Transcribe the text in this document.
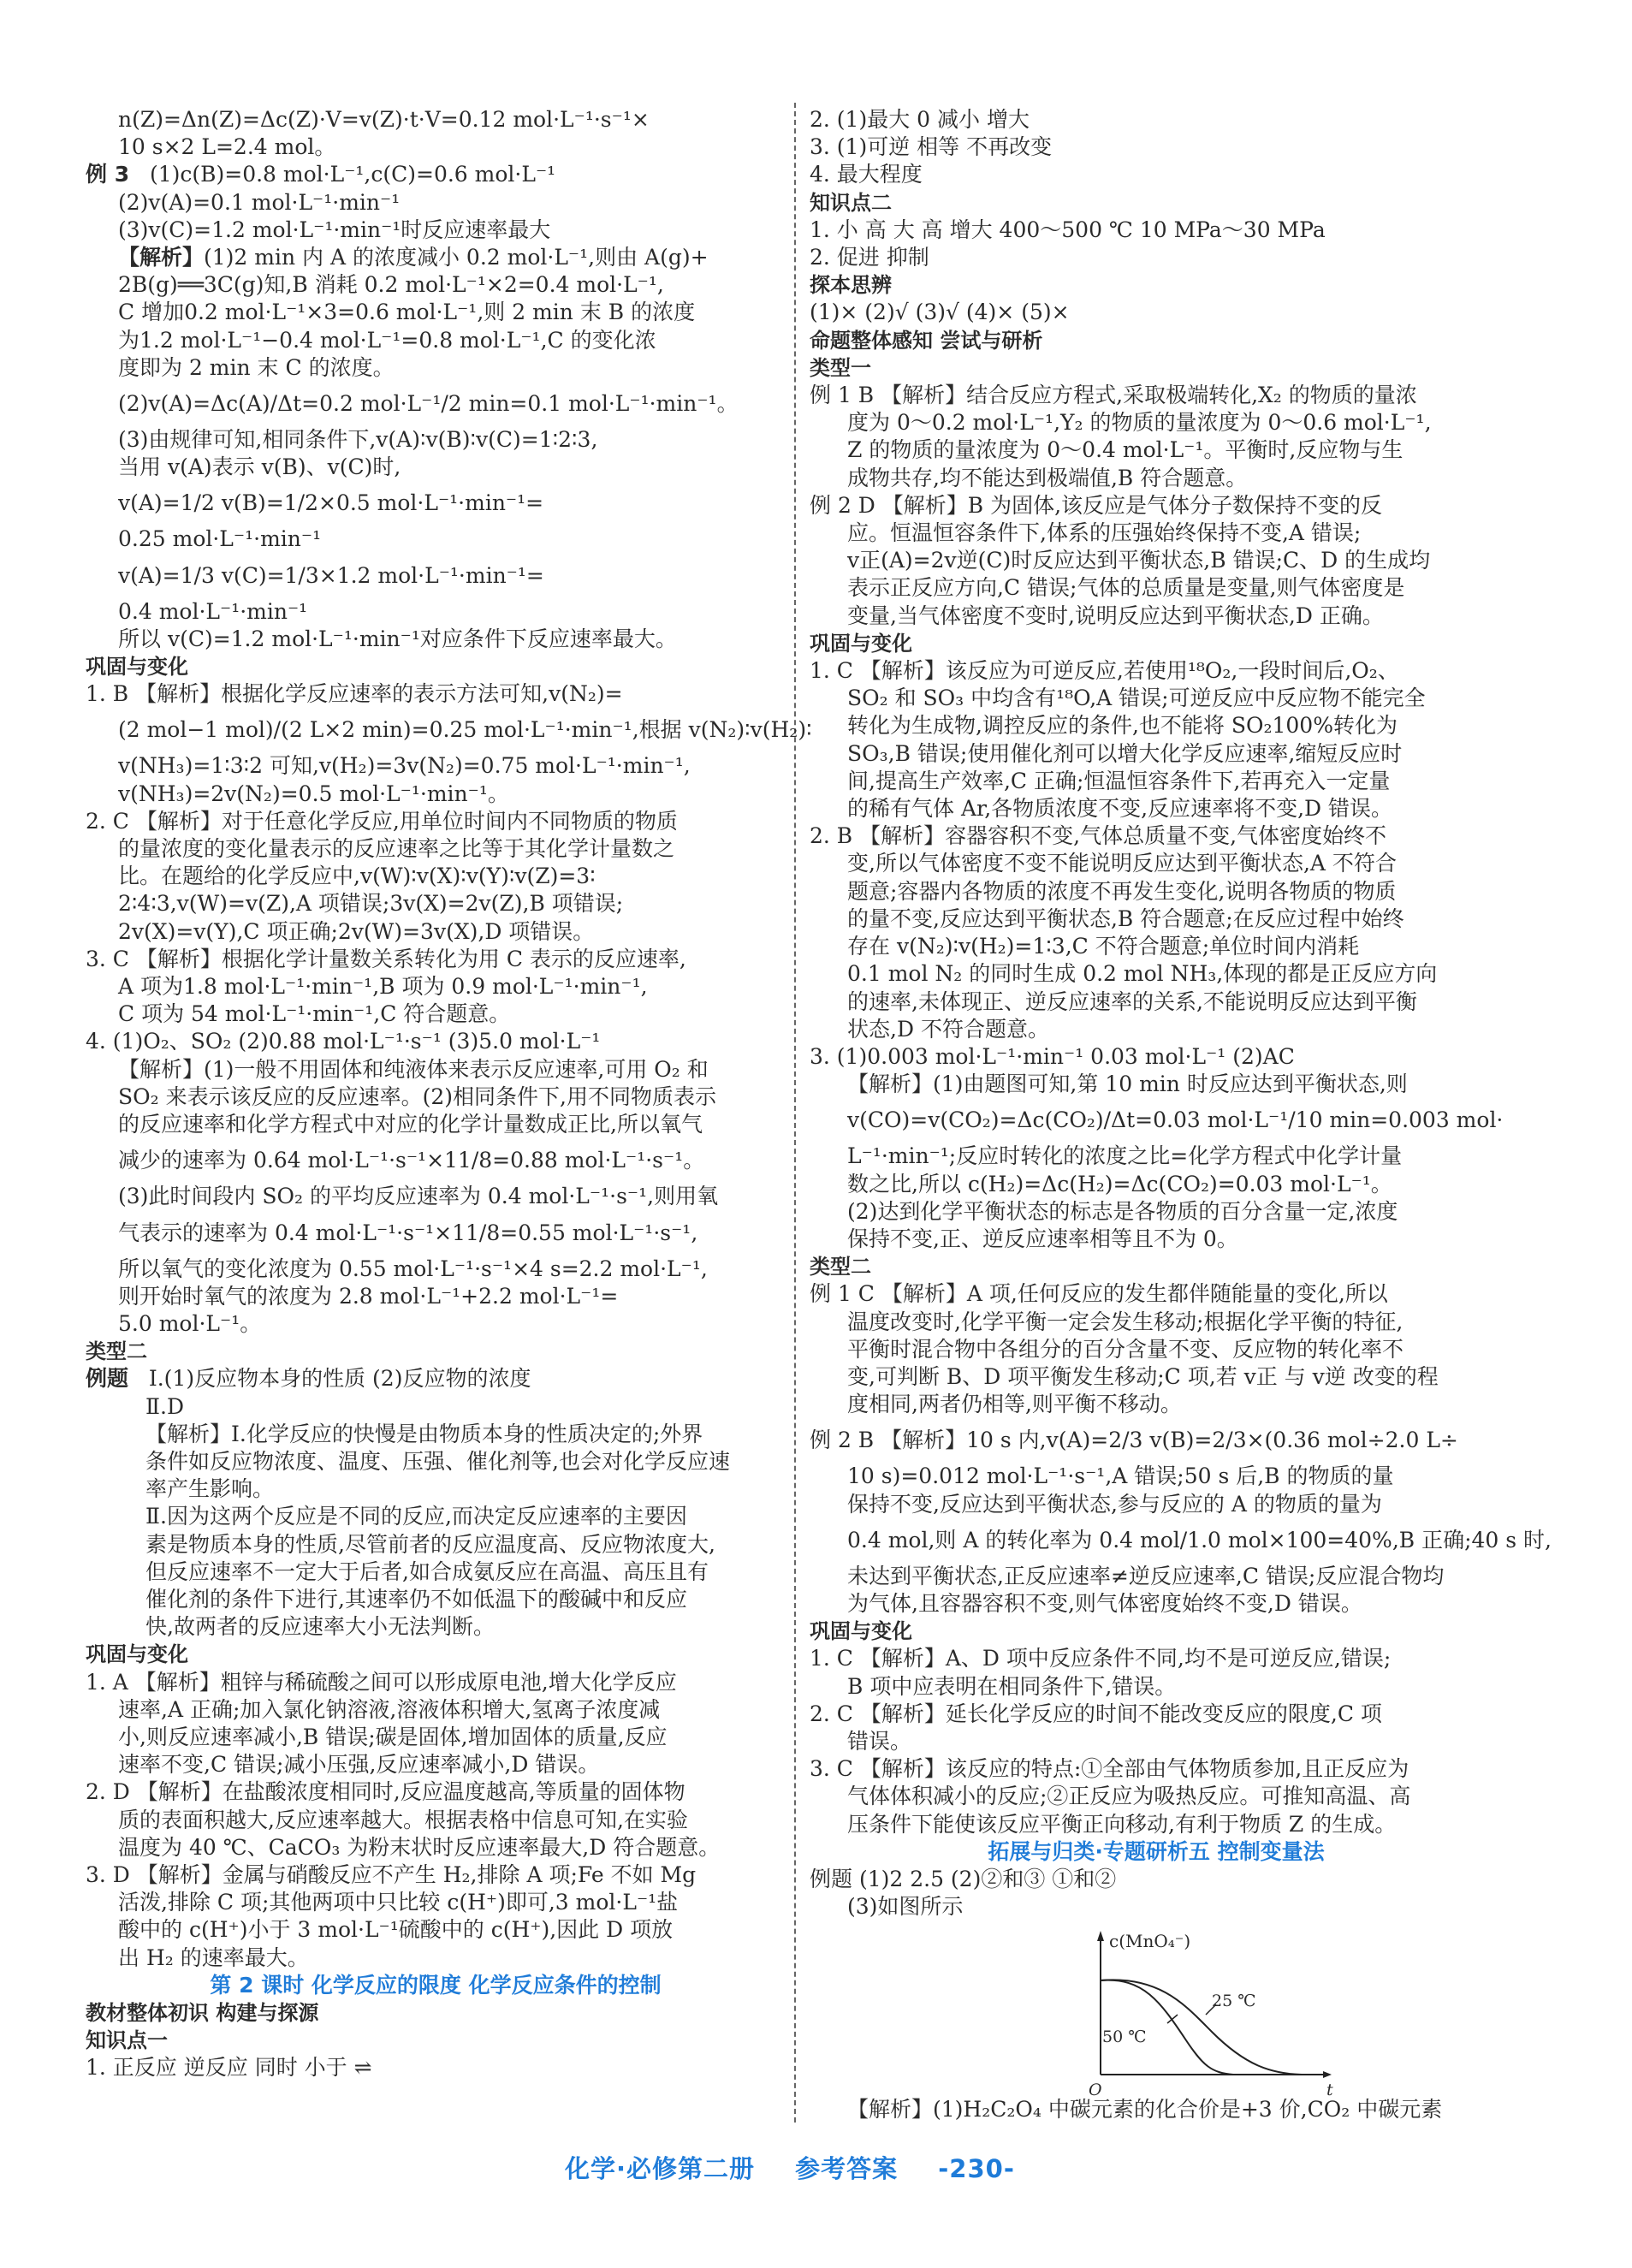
n(Z)=Δn(Z)=Δc(Z)·V=v(Z)·t·V=0.12 mol·L⁻¹·s⁻¹×
10 s×2 L=2.4 mol。
例 3 (1)c(B)=0.8 mol·L⁻¹,c(C)=0.6 mol·L⁻¹
(2)v(A)=0.1 mol·L⁻¹·min⁻¹
(3)v(C)=1.2 mol·L⁻¹·min⁻¹时反应速率最大
【解析】(1)2 min 内 A 的浓度减小 0.2 mol·L⁻¹,则由 A(g)+
2B(g)══3C(g)知,B 消耗 0.2 mol·L⁻¹×2=0.4 mol·L⁻¹,
C 增加0.2 mol·L⁻¹×3=0.6 mol·L⁻¹,则 2 min 末 B 的浓度
为1.2 mol·L⁻¹−0.4 mol·L⁻¹=0.8 mol·L⁻¹,C 的变化浓
度即为 2 min 末 C 的浓度。
(2)v(A)=Δc(A)/Δt=0.2 mol·L⁻¹/2 min=0.1 mol·L⁻¹·min⁻¹。
(3)由规律可知,相同条件下,v(A)∶v(B)∶v(C)=1∶2∶3,
当用 v(A)表示 v(B)、v(C)时,
v(A)=1/2 v(B)=1/2×0.5 mol·L⁻¹·min⁻¹=
0.25 mol·L⁻¹·min⁻¹
v(A)=1/3 v(C)=1/3×1.2 mol·L⁻¹·min⁻¹=
0.4 mol·L⁻¹·min⁻¹
所以 v(C)=1.2 mol·L⁻¹·min⁻¹对应条件下反应速率最大。
巩固与变化
1. B 【解析】根据化学反应速率的表示方法可知,v(N₂)=
(2 mol−1 mol)/(2 L×2 min)=0.25 mol·L⁻¹·min⁻¹,根据 v(N₂)∶v(H₂)∶
v(NH₃)=1∶3∶2 可知,v(H₂)=3v(N₂)=0.75 mol·L⁻¹·min⁻¹,
v(NH₃)=2v(N₂)=0.5 mol·L⁻¹·min⁻¹。
2. C 【解析】对于任意化学反应,用单位时间内不同物质的物质
的量浓度的变化量表示的反应速率之比等于其化学计量数之
比。在题给的化学反应中,v(W)∶v(X)∶v(Y)∶v(Z)=3∶
2∶4∶3,v(W)=v(Z),A 项错误;3v(X)=2v(Z),B 项错误;
2v(X)=v(Y),C 项正确;2v(W)=3v(X),D 项错误。
3. C 【解析】根据化学计量数关系转化为用 C 表示的反应速率,
A 项为1.8 mol·L⁻¹·min⁻¹,B 项为 0.9 mol·L⁻¹·min⁻¹,
C 项为 54 mol·L⁻¹·min⁻¹,C 符合题意。
4. (1)O₂、SO₂ (2)0.88 mol·L⁻¹·s⁻¹ (3)5.0 mol·L⁻¹
【解析】(1)一般不用固体和纯液体来表示反应速率,可用 O₂ 和
SO₂ 来表示该反应的反应速率。(2)相同条件下,用不同物质表示
的反应速率和化学方程式中对应的化学计量数成正比,所以氧气
减少的速率为 0.64 mol·L⁻¹·s⁻¹×11/8=0.88 mol·L⁻¹·s⁻¹。
(3)此时间段内 SO₂ 的平均反应速率为 0.4 mol·L⁻¹·s⁻¹,则用氧
气表示的速率为 0.4 mol·L⁻¹·s⁻¹×11/8=0.55 mol·L⁻¹·s⁻¹,
所以氧气的变化浓度为 0.55 mol·L⁻¹·s⁻¹×4 s=2.2 mol·L⁻¹,
则开始时氧气的浓度为 2.8 mol·L⁻¹+2.2 mol·L⁻¹=
5.0 mol·L⁻¹。
类型二
例题 Ⅰ.(1)反应物本身的性质 (2)反应物的浓度
Ⅱ.D
【解析】Ⅰ.化学反应的快慢是由物质本身的性质决定的;外界
条件如反应物浓度、温度、压强、催化剂等,也会对化学反应速
率产生影响。
Ⅱ.因为这两个反应是不同的反应,而决定反应速率的主要因
素是物质本身的性质,尽管前者的反应温度高、反应物浓度大,
但反应速率不一定大于后者,如合成氨反应在高温、高压且有
催化剂的条件下进行,其速率仍不如低温下的酸碱中和反应
快,故两者的反应速率大小无法判断。
巩固与变化
1. A 【解析】粗锌与稀硫酸之间可以形成原电池,增大化学反应
速率,A 正确;加入氯化钠溶液,溶液体积增大,氢离子浓度减
小,则反应速率减小,B 错误;碳是固体,增加固体的质量,反应
速率不变,C 错误;减小压强,反应速率减小,D 错误。
2. D 【解析】在盐酸浓度相同时,反应温度越高,等质量的固体物
质的表面积越大,反应速率越大。根据表格中信息可知,在实验
温度为 40 ℃、CaCO₃ 为粉末状时反应速率最大,D 符合题意。
3. D 【解析】金属与硝酸反应不产生 H₂,排除 A 项;Fe 不如 Mg
活泼,排除 C 项;其他两项中只比较 c(H⁺)即可,3 mol·L⁻¹盐
酸中的 c(H⁺)小于 3 mol·L⁻¹硫酸中的 c(H⁺),因此 D 项放
出 H₂ 的速率最大。
第 2 课时 化学反应的限度 化学反应条件的控制
教材整体初识 构建与探源
知识点一
1. 正反应 逆反应 同时 小于 ⇌
2. (1)最大 0 减小 增大
3. (1)可逆 相等 不再改变
4. 最大程度
知识点二
1. 小 高 大 高 增大 400～500 ℃ 10 MPa～30 MPa
2. 促进 抑制
探本思辨
(1)× (2)√ (3)√ (4)× (5)×
命题整体感知 尝试与研析
类型一
例 1 B 【解析】结合反应方程式,采取极端转化,X₂ 的物质的量浓
度为 0～0.2 mol·L⁻¹,Y₂ 的物质的量浓度为 0～0.6 mol·L⁻¹,
Z 的物质的量浓度为 0～0.4 mol·L⁻¹。平衡时,反应物与生
成物共存,均不能达到极端值,B 符合题意。
例 2 D 【解析】B 为固体,该反应是气体分子数保持不变的反
应。恒温恒容条件下,体系的压强始终保持不变,A 错误;
v正(A)=2v逆(C)时反应达到平衡状态,B 错误;C、D 的生成均
表示正反应方向,C 错误;气体的总质量是变量,则气体密度是
变量,当气体密度不变时,说明反应达到平衡状态,D 正确。
巩固与变化
1. C 【解析】该反应为可逆反应,若使用¹⁸O₂,一段时间后,O₂、
SO₂ 和 SO₃ 中均含有¹⁸O,A 错误;可逆反应中反应物不能完全
转化为生成物,调控反应的条件,也不能将 SO₂100%转化为
SO₃,B 错误;使用催化剂可以增大化学反应速率,缩短反应时
间,提高生产效率,C 正确;恒温恒容条件下,若再充入一定量
的稀有气体 Ar,各物质浓度不变,反应速率将不变,D 错误。
2. B 【解析】容器容积不变,气体总质量不变,气体密度始终不
变,所以气体密度不变不能说明反应达到平衡状态,A 不符合
题意;容器内各物质的浓度不再发生变化,说明各物质的物质
的量不变,反应达到平衡状态,B 符合题意;在反应过程中始终
存在 v(N₂)∶v(H₂)=1∶3,C 不符合题意;单位时间内消耗
0.1 mol N₂ 的同时生成 0.2 mol NH₃,体现的都是正反应方向
的速率,未体现正、逆反应速率的关系,不能说明反应达到平衡
状态,D 不符合题意。
3. (1)0.003 mol·L⁻¹·min⁻¹ 0.03 mol·L⁻¹ (2)AC
【解析】(1)由题图可知,第 10 min 时反应达到平衡状态,则
v(CO)=v(CO₂)=Δc(CO₂)/Δt=0.03 mol·L⁻¹/10 min=0.003 mol·
L⁻¹·min⁻¹;反应时转化的浓度之比=化学方程式中化学计量
数之比,所以 c(H₂)=Δc(H₂)=Δc(CO₂)=0.03 mol·L⁻¹。
(2)达到化学平衡状态的标志是各物质的百分含量一定,浓度
保持不变,正、逆反应速率相等且不为 0。
类型二
例 1 C 【解析】A 项,任何反应的发生都伴随能量的变化,所以
温度改变时,化学平衡一定会发生移动;根据化学平衡的特征,
平衡时混合物中各组分的百分含量不变、反应物的转化率不
变,可判断 B、D 项平衡发生移动;C 项,若 v正 与 v逆 改变的程
度相同,两者仍相等,则平衡不移动。
例 2 B 【解析】10 s 内,v(A)=2/3 v(B)=2/3×(0.36 mol÷2.0 L÷
10 s)=0.012 mol·L⁻¹·s⁻¹,A 错误;50 s 后,B 的物质的量
保持不变,反应达到平衡状态,参与反应的 A 的物质的量为
0.4 mol,则 A 的转化率为 0.4 mol/1.0 mol×100=40%,B 正确;40 s 时,
未达到平衡状态,正反应速率≠逆反应速率,C 错误;反应混合物均
为气体,且容器容积不变,则气体密度始终不变,D 错误。
巩固与变化
1. C 【解析】A、D 项中反应条件不同,均不是可逆反应,错误;
B 项中应表明在相同条件下,错误。
2. C 【解析】延长化学反应的时间不能改变反应的限度,C 项
错误。
3. C 【解析】该反应的特点:①全部由气体物质参加,且正反应为
气体体积减小的反应;②正反应为吸热反应。可推知高温、高
压条件下能使该反应平衡正向移动,有利于物质 Z 的生成。
拓展与归类·专题研析五 控制变量法
例题 (1)2 2.5 (2)②和③ ①和②
(3)如图所示
c(MnO₄⁻)
25 ℃
50 ℃
O	t
【解析】(1)H₂C₂O₄ 中碳元素的化合价是+3 价,CO₂ 中碳元素
化学·必修第二册 参考答案 -230-
